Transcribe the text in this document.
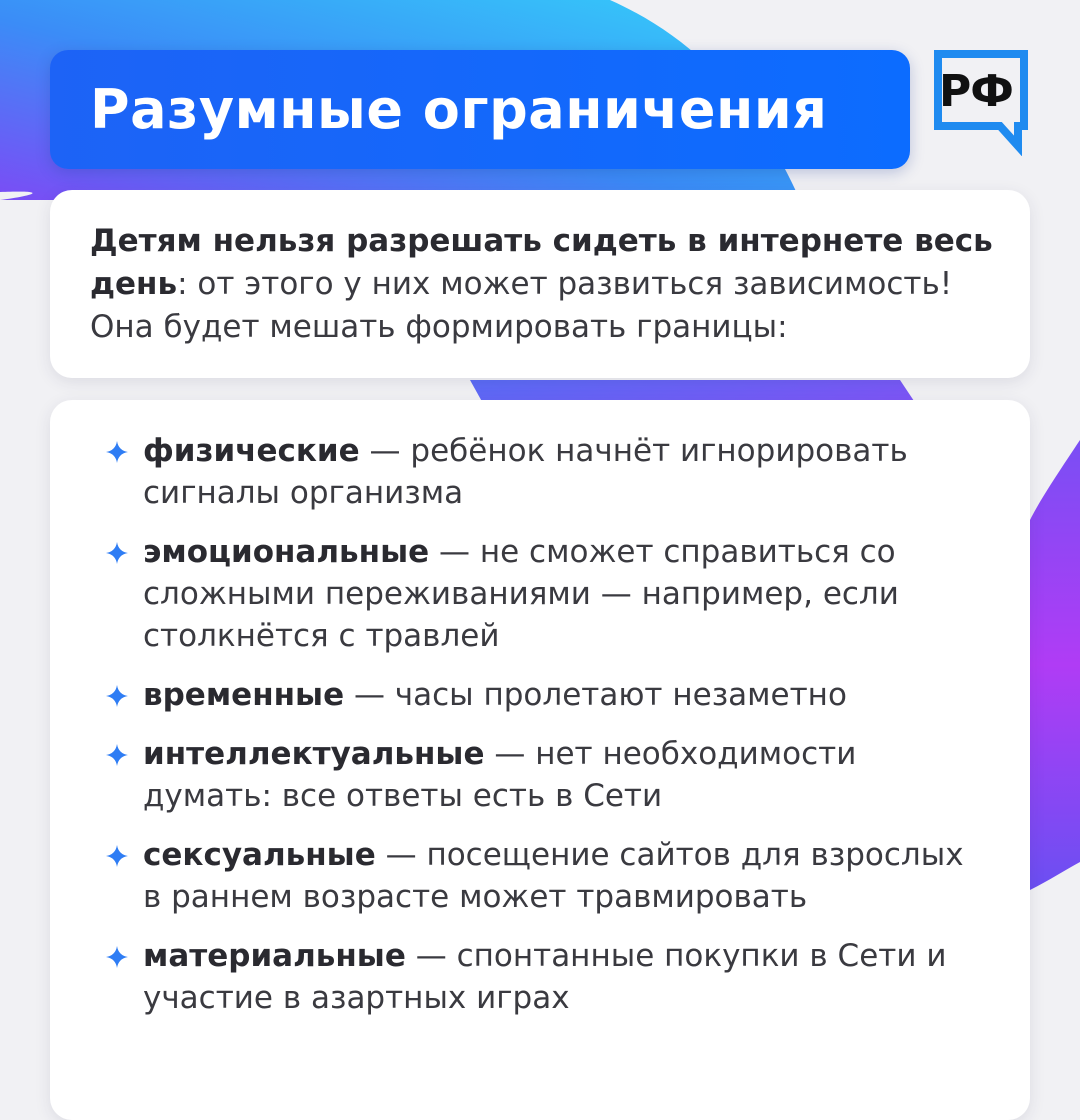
Разумные ограничения	РФ
Детям нельзя разрешать сидеть в интернете весь день: от этого у них может развиться зависимость!
Она будет мешать формировать границы:
физические — ребёнок начнёт игнорировать сигналы организма
эмоциональные — не сможет справиться со сложными переживаниями — например, если столкнётся с травлей
временные — часы пролетают незаметно
интеллектуальные — нет необходимости думать: все ответы есть в Сети
сексуальные — посещение сайтов для взрослых в раннем возрасте может травмировать
материальные — спонтанные покупки в Сети и участие в азартных играх
